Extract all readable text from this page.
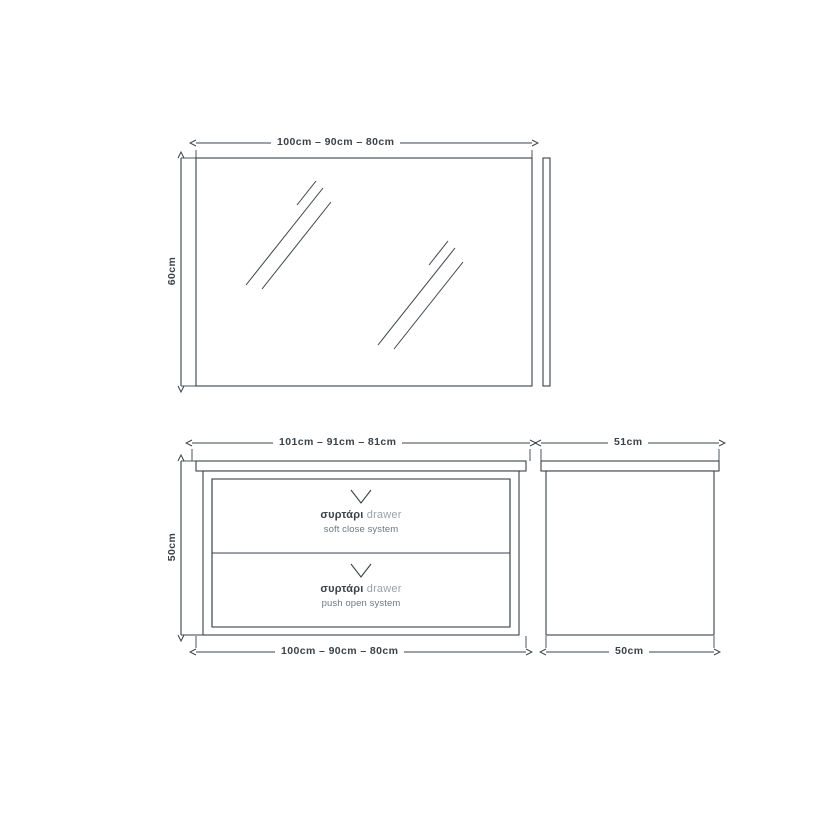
100cm – 90cm – 80cm
60cm
101cm – 91cm – 81cm
100cm – 90cm – 80cm
50cm
51cm
50cm
συρτάρι drawer
soft close system
συρτάρι drawer
push open system
